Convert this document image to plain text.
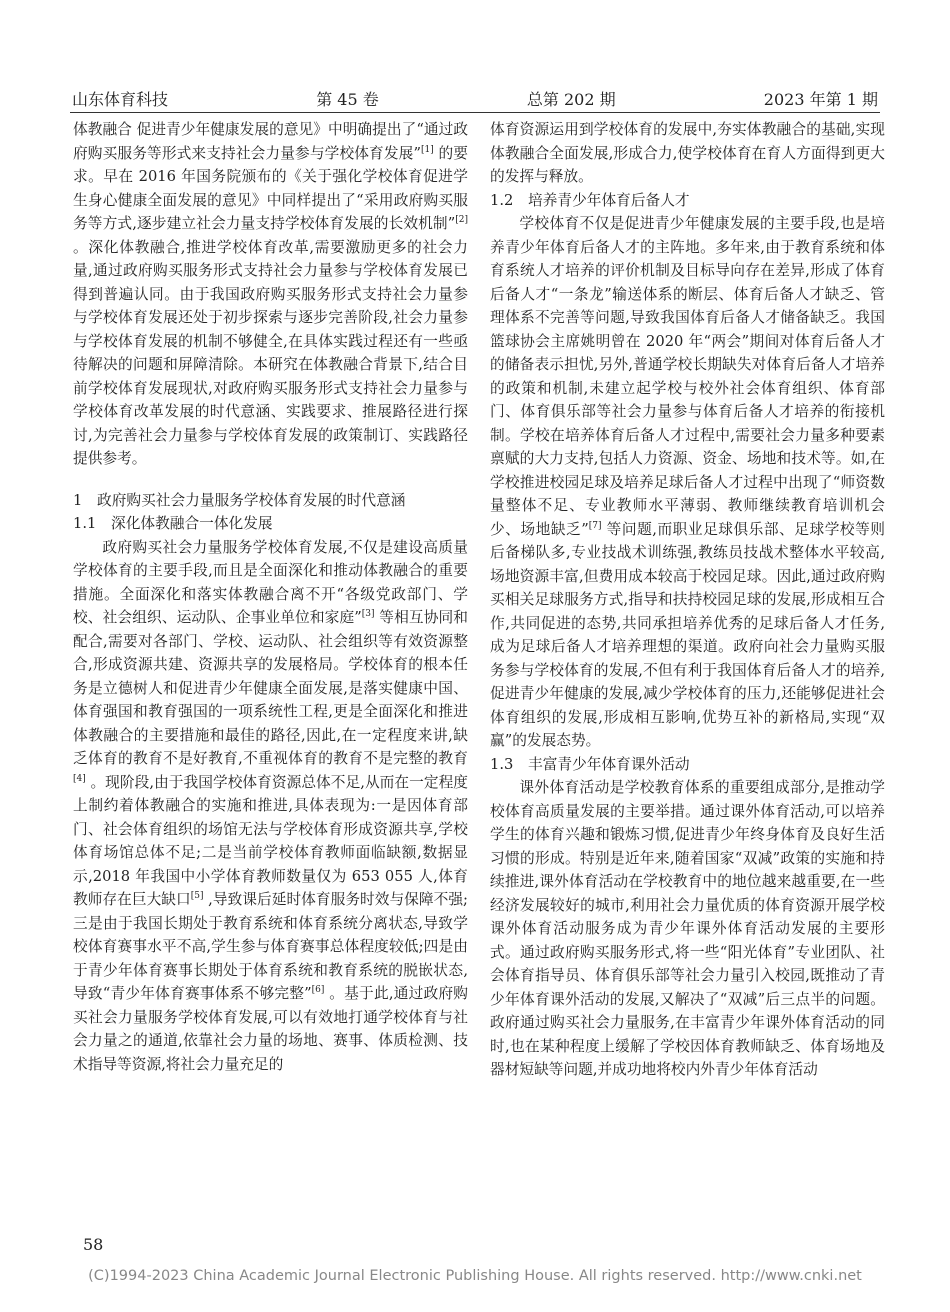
山东体育科技	第 45 卷	总第 202 期	2023 年第 1 期

体教融合 促进青少年健康发展的意见》中明确提出了“通过政府购买服务等形式来支持社会力量参与学校体育发展”[1] 的要求。早在 2016 年国务院颁布的《关于强化学校体育促进学生身心健康全面发展的意见》中同样提出了“采用政府购买服务等方式,逐步建立社会力量支持学校体育发展的长效机制”[2] 。深化体教融合,推进学校体育改革,需要激励更多的社会力量,通过政府购买服务形式支持社会力量参与学校体育发展已得到普遍认同。由于我国政府购买服务形式支持社会力量参与学校体育发展还处于初步探索与逐步完善阶段,社会力量参与学校体育发展的机制不够健全,在具体实践过程还有一些亟待解决的问题和屏障清除。本研究在体教融合背景下,结合目前学校体育发展现状,对政府购买服务形式支持社会力量参与学校体育改革发展的时代意涵、实践要求、推展路径进行探讨,为完善社会力量参与学校体育发展的政策制订、实践路径提供参考。

1　政府购买社会力量服务学校体育发展的时代意涵
1.1　深化体教融合一体化发展

政府购买社会力量服务学校体育发展,不仅是建设高质量学校体育的主要手段,而且是全面深化和推动体教融合的重要措施。全面深化和落实体教融合离不开“各级党政部门、学校、社会组织、运动队、企事业单位和家庭”[3] 等相互协同和配合,需要对各部门、学校、运动队、社会组织等有效资源整合,形成资源共建、资源共享的发展格局。学校体育的根本任务是立德树人和促进青少年健康全面发展,是落实健康中国、体育强国和教育强国的一项系统性工程,更是全面深化和推进体教融合的主要措施和最佳的路径,因此,在一定程度来讲,缺乏体育的教育不是好教育,不重视体育的教育不是完整的教育[4] 。现阶段,由于我国学校体育资源总体不足,从而在一定程度上制约着体教融合的实施和推进,具体表现为:一是因体育部门、社会体育组织的场馆无法与学校体育形成资源共享,学校体育场馆总体不足;二是当前学校体育教师面临缺额,数据显示,2018 年我国中小学体育教师数量仅为 653 055 人,体育教师存在巨大缺口[5] ,导致课后延时体育服务时效与保障不强;三是由于我国长期处于教育系统和体育系统分离状态,导致学校体育赛事水平不高,学生参与体育赛事总体程度较低;四是由于青少年体育赛事长期处于体育系统和教育系统的脱嵌状态,导致“青少年体育赛事体系不够完整”[6] 。基于此,通过政府购买社会力量服务学校体育发展,可以有效地打通学校体育与社会力量之的通道,依靠社会力量的场地、赛事、体质检测、技术指导等资源,将社会力量充足的

体育资源运用到学校体育的发展中,夯实体教融合的基础,实现体教融合全面发展,形成合力,使学校体育在育人方面得到更大的发挥与释放。

1.2　培养青少年体育后备人才

学校体育不仅是促进青少年健康发展的主要手段,也是培养青少年体育后备人才的主阵地。多年来,由于教育系统和体育系统人才培养的评价机制及目标导向存在差异,形成了体育后备人才“一条龙”输送体系的断层、体育后备人才缺乏、管理体系不完善等问题,导致我国体育后备人才储备缺乏。我国篮球协会主席姚明曾在 2020 年“两会”期间对体育后备人才的储备表示担忧,另外,普通学校长期缺失对体育后备人才培养的政策和机制,未建立起学校与校外社会体育组织、体育部门、体育俱乐部等社会力量参与体育后备人才培养的衔接机制。学校在培养体育后备人才过程中,需要社会力量多种要素禀赋的大力支持,包括人力资源、资金、场地和技术等。如,在学校推进校园足球及培养足球后备人才过程中出现了“师资数量整体不足、专业教师水平薄弱、教师继续教育培训机会少、场地缺乏”[7] 等问题,而职业足球俱乐部、足球学校等则后备梯队多,专业技战术训练强,教练员技战术整体水平较高,场地资源丰富,但费用成本较高于校园足球。因此,通过政府购买相关足球服务方式,指导和扶持校园足球的发展,形成相互合作,共同促进的态势,共同承担培养优秀的足球后备人才任务,成为足球后备人才培养理想的渠道。政府向社会力量购买服务参与学校体育的发展,不但有利于我国体育后备人才的培养,促进青少年健康的发展,减少学校体育的压力,还能够促进社会体育组织的发展,形成相互影响,优势互补的新格局,实现“双赢”的发展态势。

1.3　丰富青少年体育课外活动

课外体育活动是学校教育体系的重要组成部分,是推动学校体育高质量发展的主要举措。通过课外体育活动,可以培养学生的体育兴趣和锻炼习惯,促进青少年终身体育及良好生活习惯的形成。特别是近年来,随着国家“双减”政策的实施和持续推进,课外体育活动在学校教育中的地位越来越重要,在一些经济发展较好的城市,利用社会力量优质的体育资源开展学校课外体育活动服务成为青少年课外体育活动发展的主要形式。通过政府购买服务形式,将一些“阳光体育”专业团队、社会体育指导员、体育俱乐部等社会力量引入校园,既推动了青少年体育课外活动的发展,又解决了“双减”后三点半的问题。政府通过购买社会力量服务,在丰富青少年课外体育活动的同时,也在某种程度上缓解了学校因体育教师缺乏、体育场地及器材短缺等问题,并成功地将校内外青少年体育活动

58
(C)1994-2023 China Academic Journal Electronic Publishing House. All rights reserved. http://www.cnki.net
